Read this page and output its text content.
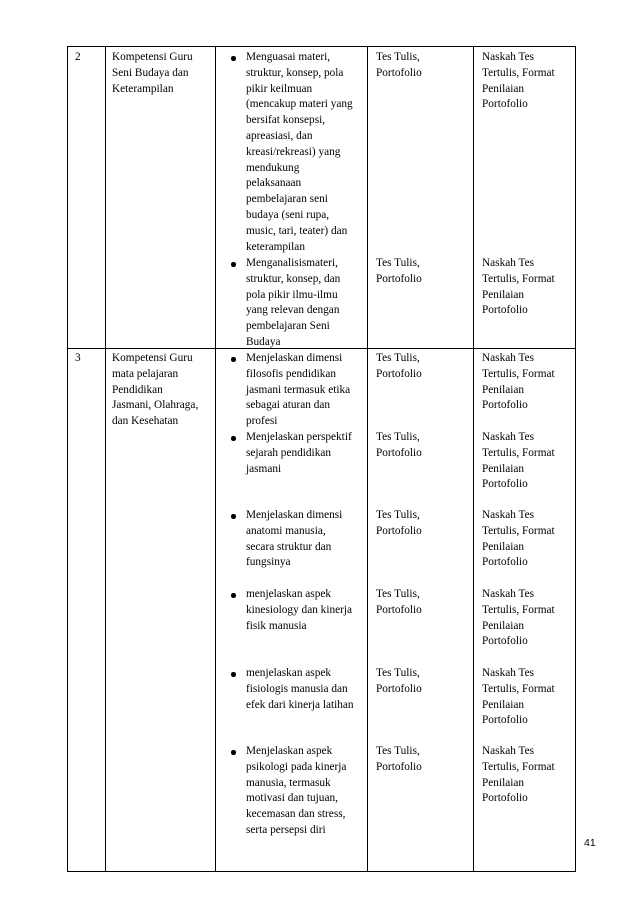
2	Kompetensi Guru
Seni Budaya dan
Keterampilan
Menguasai materi,
struktur, konsep, pola
pikir keilmuan
(mencakup materi yang
bersifat konsepsi,
apreasiasi, dan
kreasi/rekreasi) yang
mendukung
pelaksanaan
pembelajaran seni
budaya (seni rupa,
music, tari, teater) dan
keterampilan
Tes Tulis,
Portofolio
Naskah Tes
Tertulis, Format
Penilaian
Portofolio
Menganalisismateri,
struktur, konsep, dan
pola pikir ilmu-ilmu
yang relevan dengan
pembelajaran Seni
Budaya
Tes Tulis,
Portofolio
Naskah Tes
Tertulis, Format
Penilaian
Portofolio
3	Kompetensi Guru
mata pelajaran
Pendidikan
Jasmani, Olahraga,
dan Kesehatan
Menjelaskan dimensi
filosofis pendidikan
jasmani termasuk etika
sebagai aturan dan
profesi
Tes Tulis,
Portofolio
Naskah Tes
Tertulis, Format
Penilaian
Portofolio
Menjelaskan perspektif
sejarah pendidikan
jasmani
Tes Tulis,
Portofolio
Naskah Tes
Tertulis, Format
Penilaian
Portofolio
Menjelaskan dimensi
anatomi manusia,
secara struktur dan
fungsinya
Tes Tulis,
Portofolio
Naskah Tes
Tertulis, Format
Penilaian
Portofolio
menjelaskan aspek
kinesiology dan kinerja
fisik manusia
Tes Tulis,
Portofolio
Naskah Tes
Tertulis, Format
Penilaian
Portofolio
menjelaskan aspek
fisiologis manusia dan
efek dari kinerja latihan
Tes Tulis,
Portofolio
Naskah Tes
Tertulis, Format
Penilaian
Portofolio
Menjelaskan aspek
psikologi pada kinerja
manusia, termasuk
motivasi dan tujuan,
kecemasan dan stress,
serta persepsi diri
Tes Tulis,
Portofolio
Naskah Tes
Tertulis, Format
Penilaian
Portofolio
41
